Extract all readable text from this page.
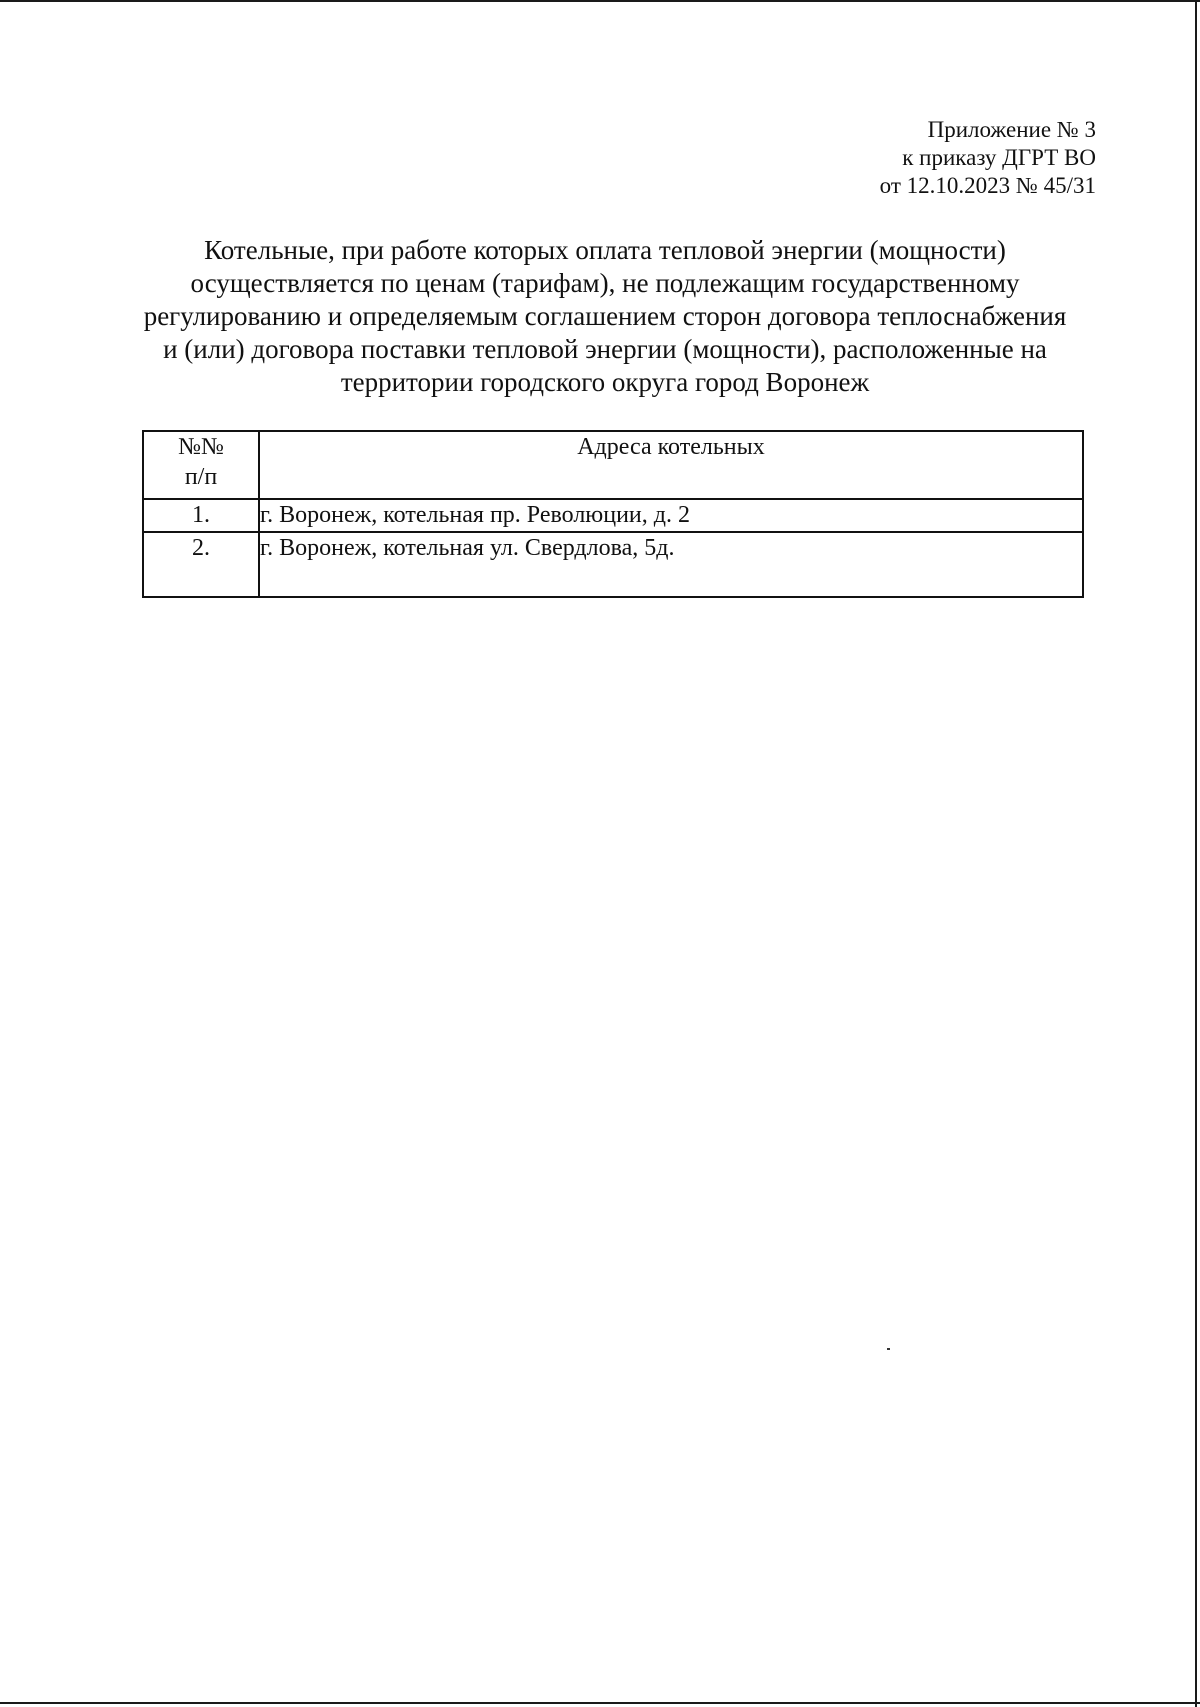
Приложение № 3
к приказу ДГРТ ВО
от 12.10.2023 № 45/31
Котельные, при работе которых оплата тепловой энергии (мощности)
осуществляется по ценам (тарифам), не подлежащим государственному
регулированию и определяемым соглашением сторон договора теплоснабжения
и (или) договора поставки тепловой энергии (мощности), расположенные на
территории городского округа город Воронеж
№№
п/п	Адреса котельных
1.	г. Воронеж, котельная пр. Революции, д. 2
2.	г. Воронеж, котельная ул. Свердлова, 5д.
